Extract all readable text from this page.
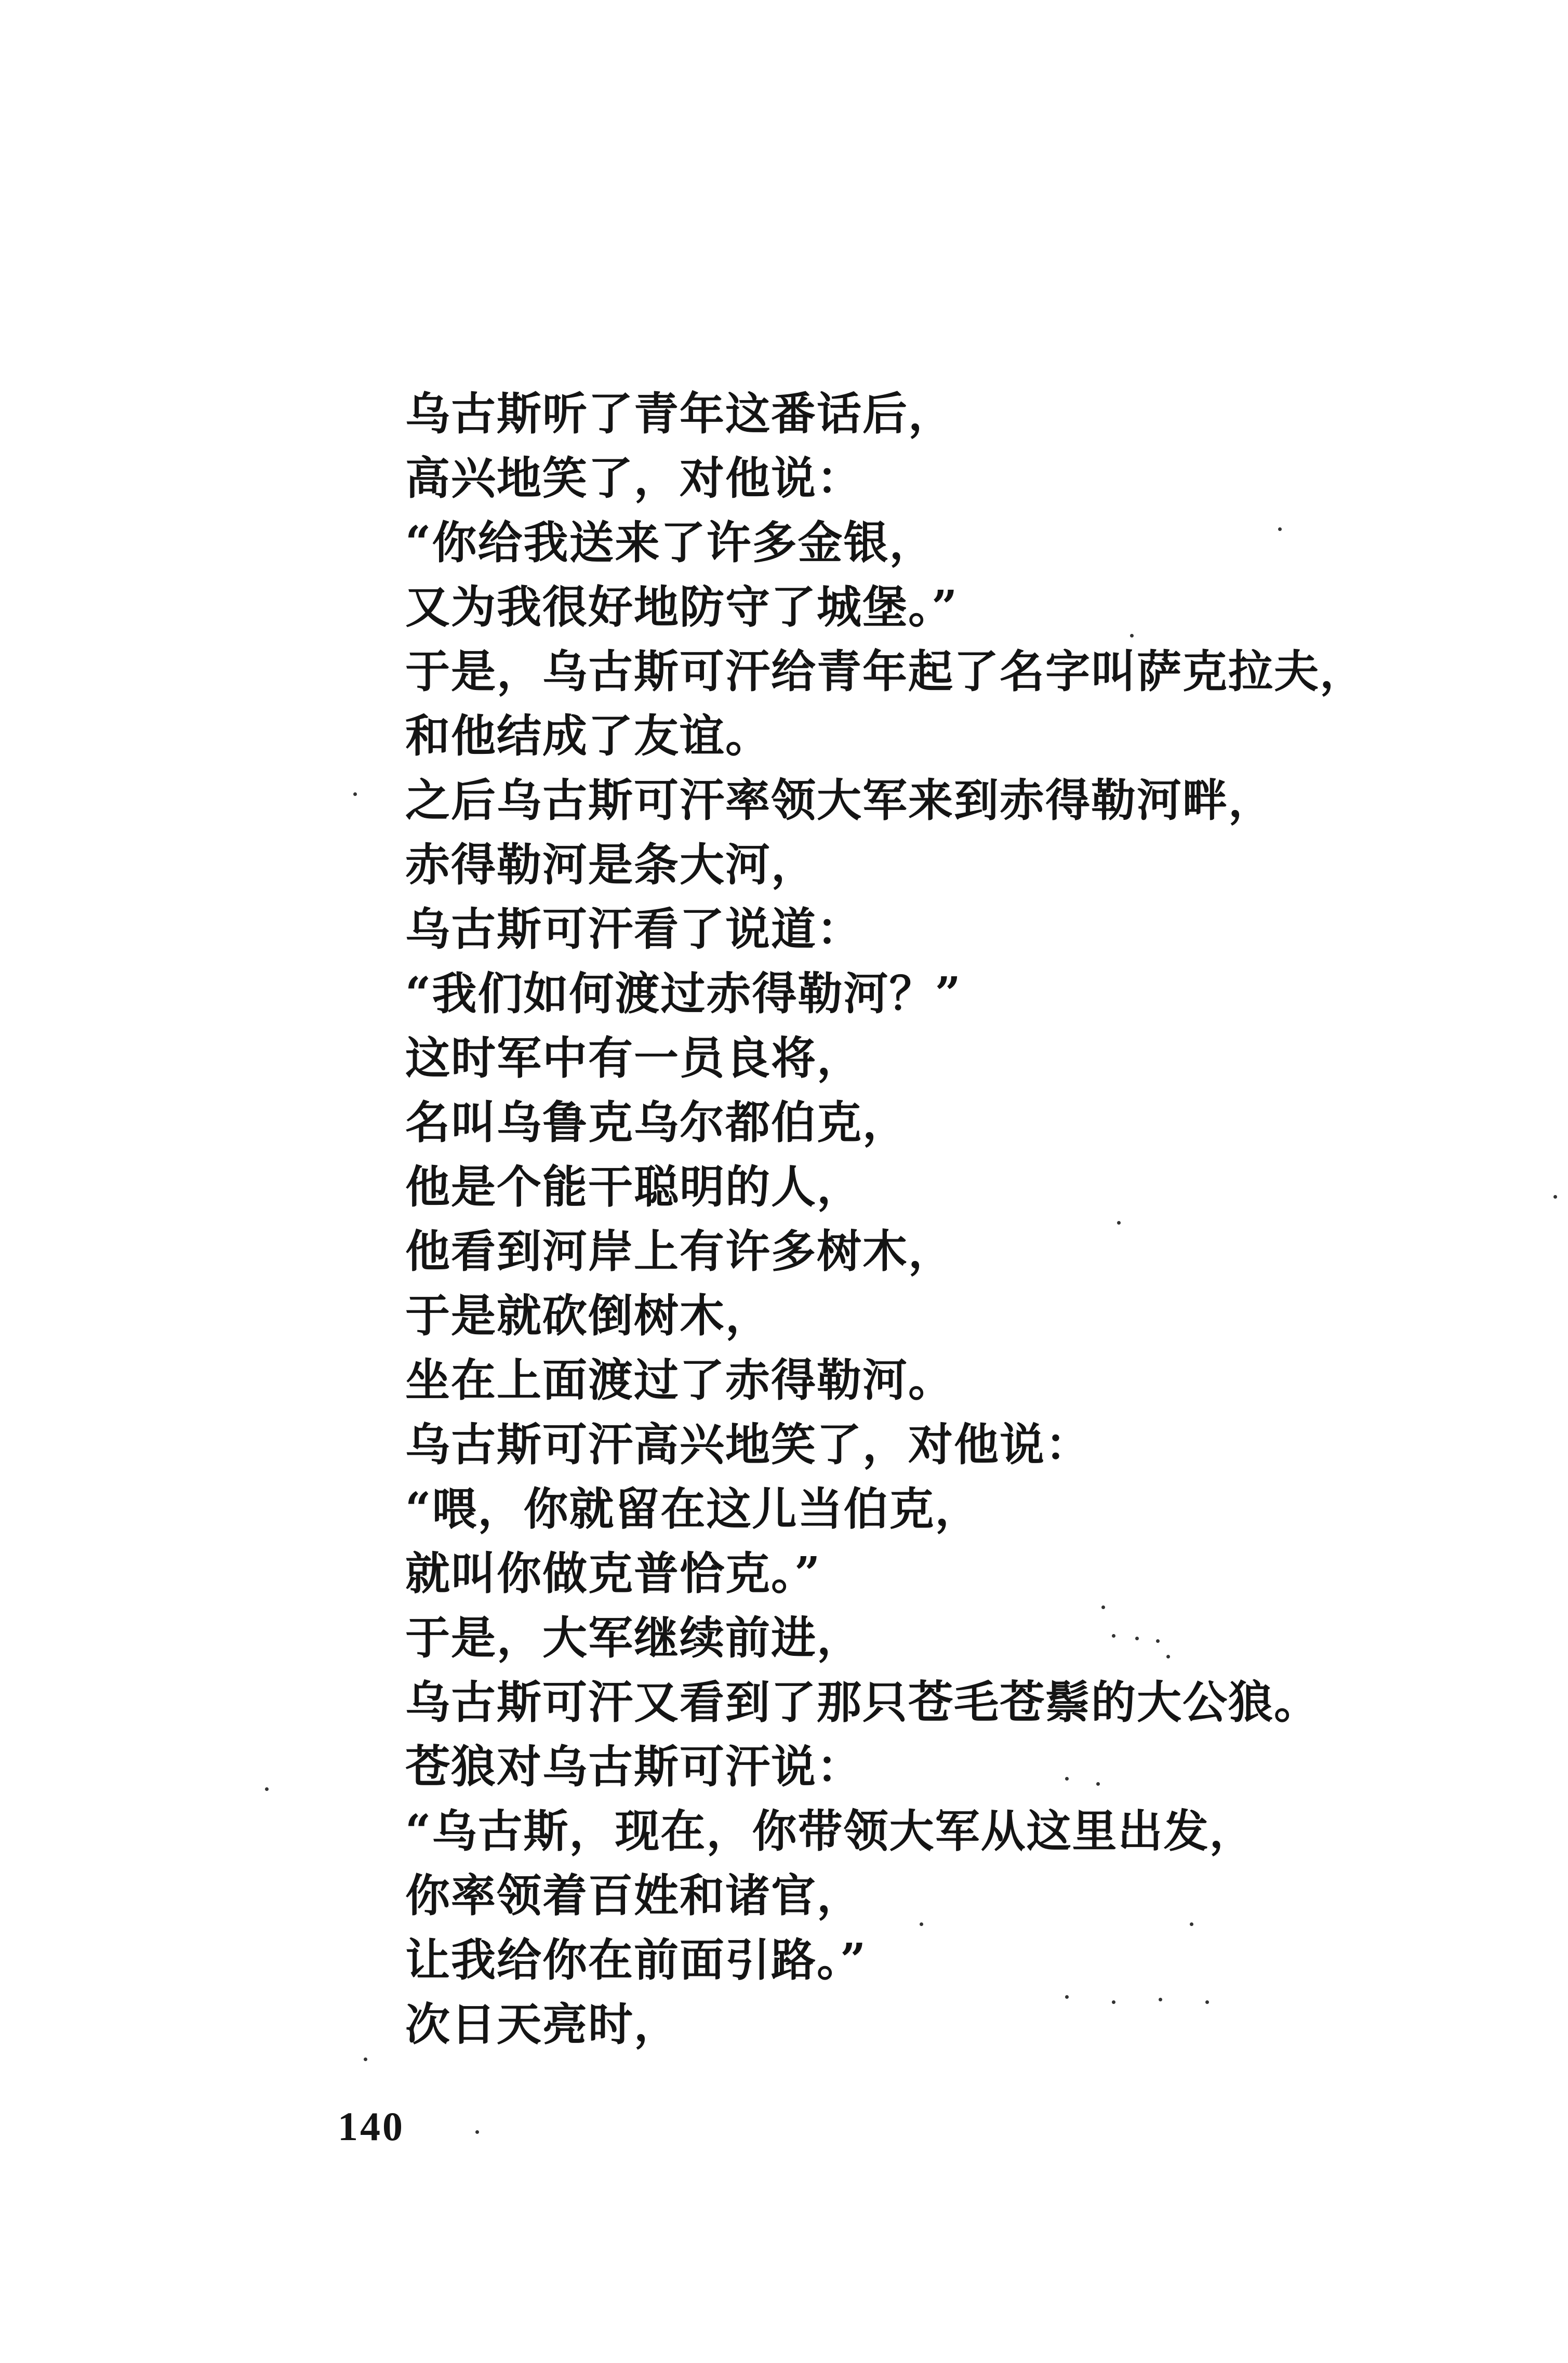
乌古斯听了青年这番话后，
高兴地笑了，对他说：
“你给我送来了许多金银，
又为我很好地防守了城堡。”
于是，乌古斯可汗给青年起了名字叫萨克拉夫，
和他结成了友谊。
之后乌古斯可汗率领大军来到赤得勒河畔，
赤得勒河是条大河，
乌古斯可汗看了说道：
“我们如何渡过赤得勒河？”
这时军中有一员良将，
名叫乌鲁克乌尔都伯克，
他是个能干聪明的人，
他看到河岸上有许多树木，
于是就砍倒树木，
坐在上面渡过了赤得勒河。
乌古斯可汗高兴地笑了，对他说：
“喂，你就留在这儿当伯克，
就叫你做克普恰克。”
于是，大军继续前进，
乌古斯可汗又看到了那只苍毛苍鬃的大公狼。
苍狼对乌古斯可汗说：
“乌古斯，现在，你带领大军从这里出发，
你率领着百姓和诸官，
让我给你在前面引路。”
次日天亮时，
140
